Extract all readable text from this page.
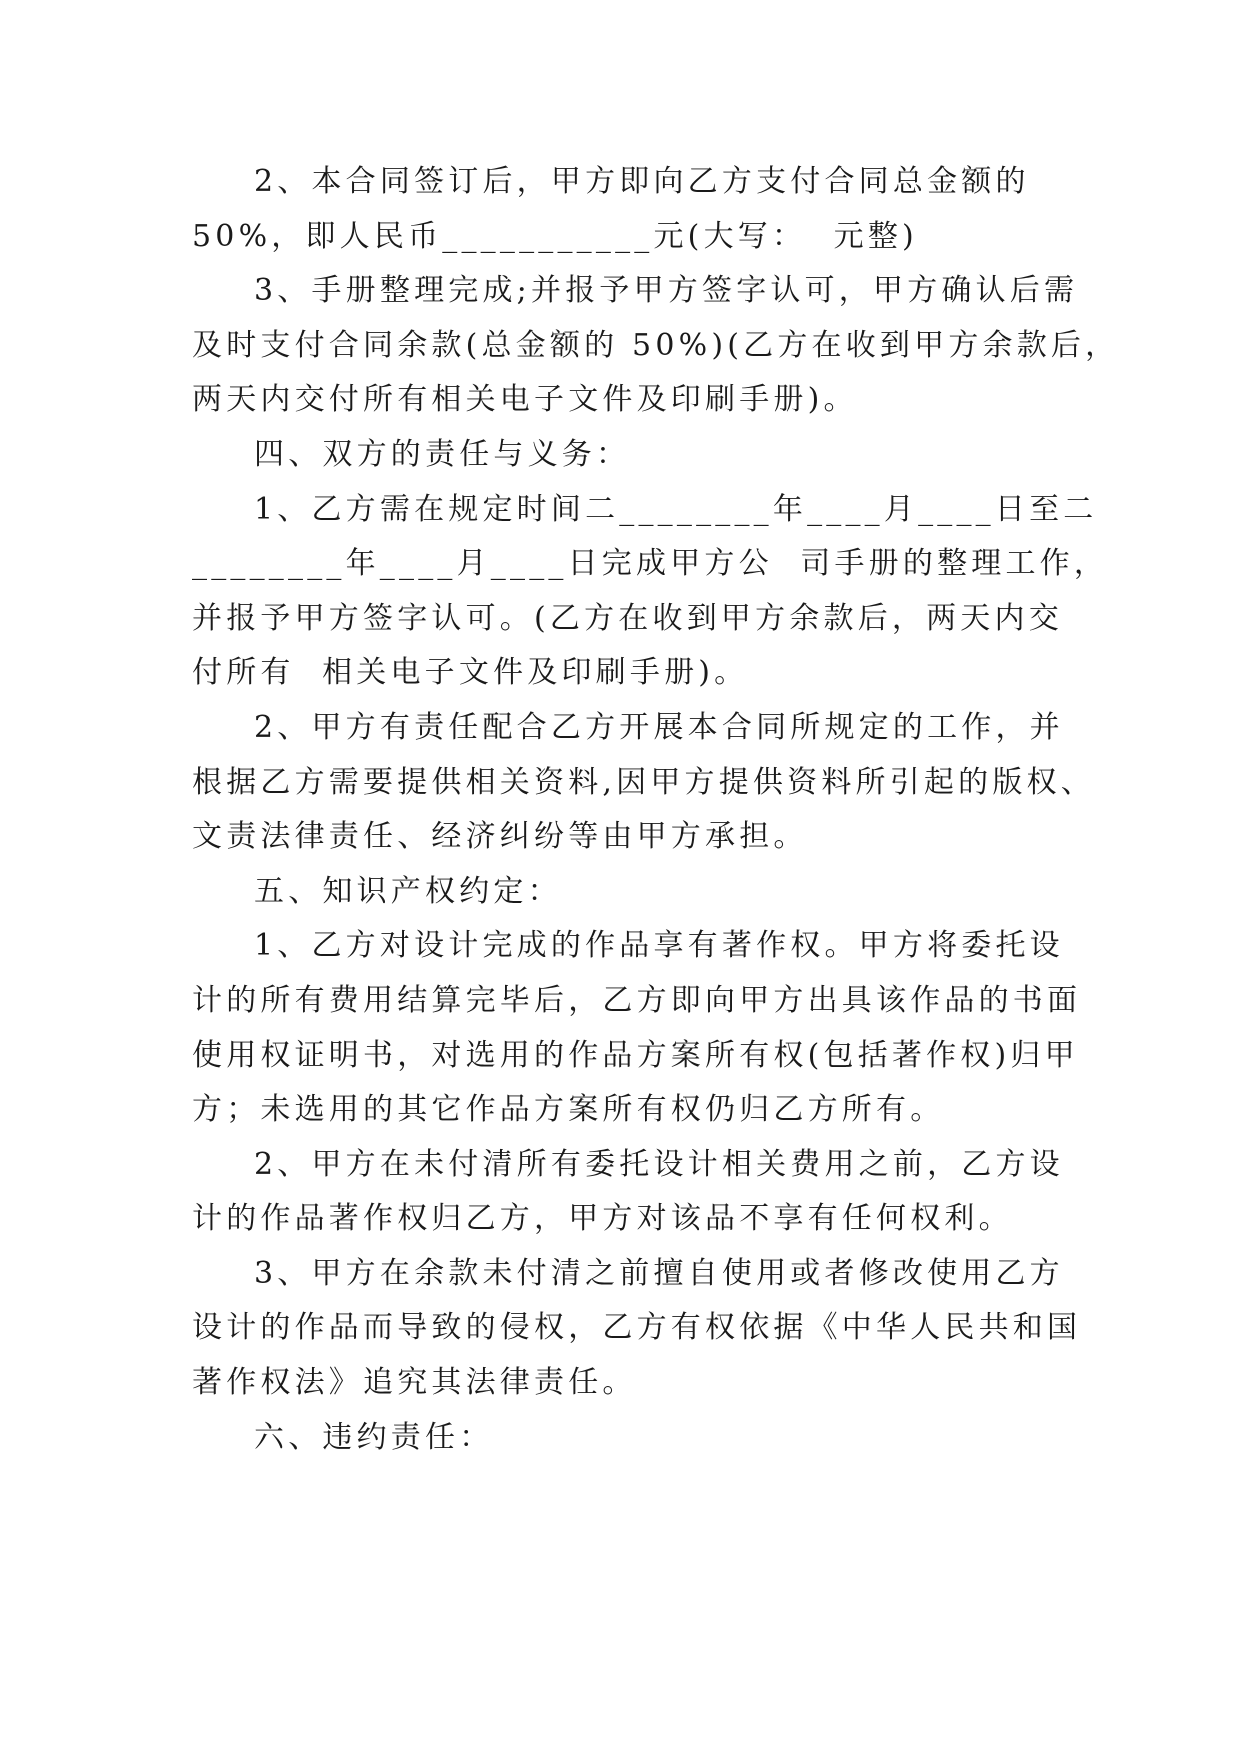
2、本合同签订后，甲方即向乙方支付合同总金额的
50%，即人民币___________元(大写：  元整)
3、手册整理完成;并报予甲方签字认可，甲方确认后需
及时支付合同余款(总金额的 50%)(乙方在收到甲方余款后，
两天内交付所有相关电子文件及印刷手册)。
四、双方的责任与义务：
1、乙方需在规定时间二________年____月____日至二
________年____月____日完成甲方公  司手册的整理工作，
并报予甲方签字认可。(乙方在收到甲方余款后，两天内交
付所有  相关电子文件及印刷手册)。
2、甲方有责任配合乙方开展本合同所规定的工作，并
根据乙方需要提供相关资料,因甲方提供资料所引起的版权、
文责法律责任、经济纠纷等由甲方承担。
五、知识产权约定：
1、乙方对设计完成的作品享有著作权。甲方将委托设
计的所有费用结算完毕后，乙方即向甲方出具该作品的书面
使用权证明书，对选用的作品方案所有权(包括著作权)归甲
方；未选用的其它作品方案所有权仍归乙方所有。
2、甲方在未付清所有委托设计相关费用之前，乙方设
计的作品著作权归乙方，甲方对该品不享有任何权利。
3、甲方在余款未付清之前擅自使用或者修改使用乙方
设计的作品而导致的侵权，乙方有权依据《中华人民共和国
著作权法》追究其法律责任。
六、违约责任：
